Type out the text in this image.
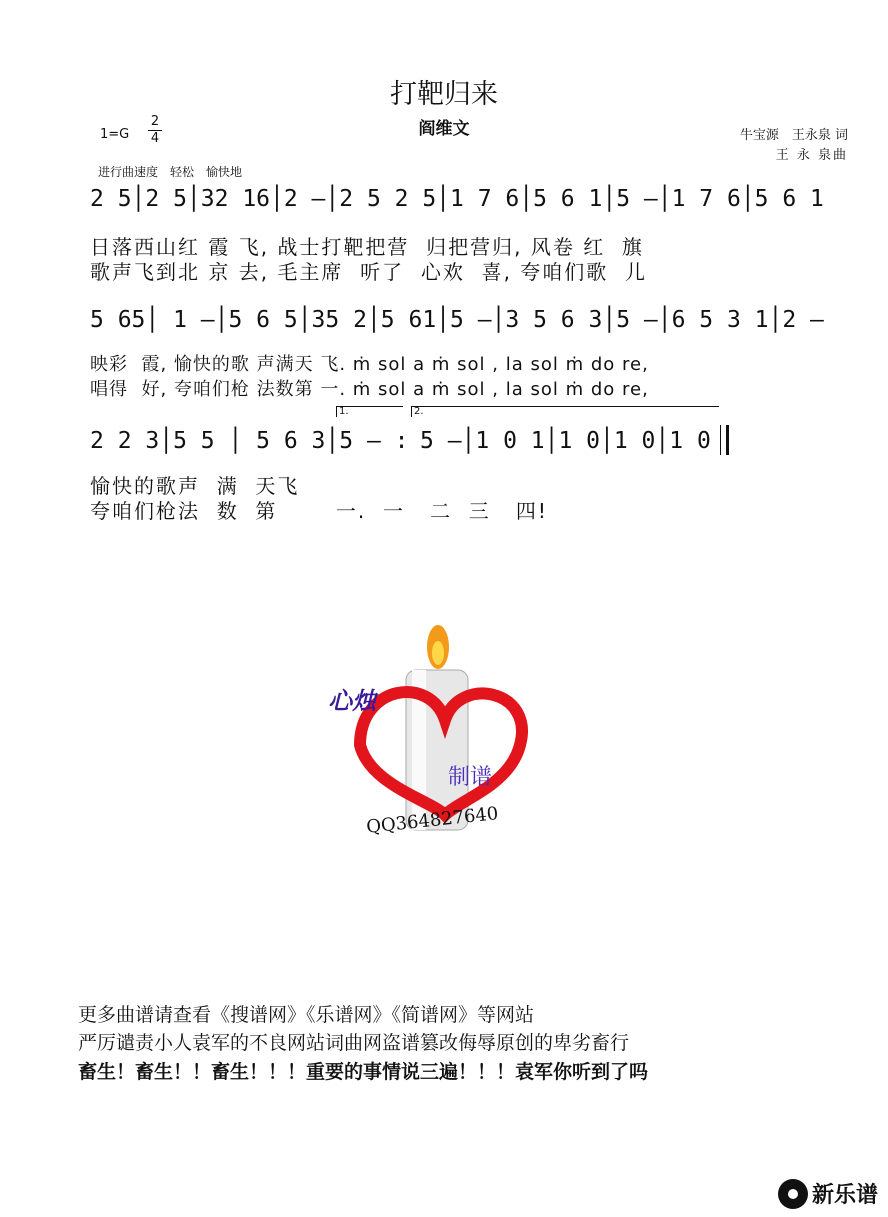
打靶归来
阎维文
1=G
2
4
进行曲速度　轻松　愉快地
牛宝源　王永泉 词
王 永 泉曲
2 5│2 5│32 16│2 –│2 5 2 5│1 7 6│5 6 1│5 –│1 7 6│5 6 1
日落西山红 霞 飞, 战士打靶把营  归把营归, 风卷 红  旗
歌声飞到北 京 去, 毛主席  听了  心欢  喜, 夸咱们歌  儿
5 65│ 1 –│5 6 5│35 2│5 61│5 –│3 5 6 3│5 –│6 5 3 1│2 –
映彩  霞, 愉快的歌 声满天 飞. ṁ sol a ṁ sol , la sol ṁ do re,
唱得  好, 夸咱们枪 法数第 一. ṁ sol a ṁ sol , la sol ṁ do re,
1.	2.
2 2 3│5 5 │ 5 6 3│5 – : 5 –│1 0 1│1 0│1 0│1 0
愉快的歌声  满  天飞
夸咱们枪法  数  第       一.  一   二  三   四!
心烛
制谱
QQ364827640
更多曲谱请查看《搜谱网》《乐谱网》《简谱网》等网站
严厉谴责小人袁军的不良网站词曲网盗谱篡改侮辱原创的卑劣畜行
畜生！畜生！！畜生！！！重要的事情说三遍！！！袁军你听到了吗
新乐谱
